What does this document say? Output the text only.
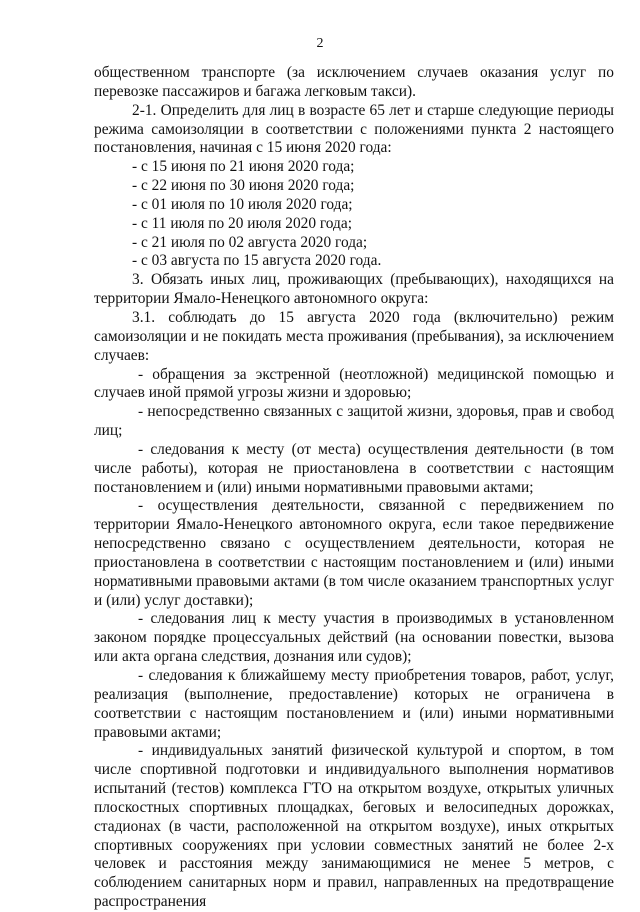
2

общественном транспорте (за исключением случаев оказания услуг по перевозке пассажиров и багажа легковым такси).

2-1. Определить для лиц в возрасте 65 лет и старше следующие периоды режима самоизоляции в соответствии с положениями пункта 2 настоящего постановления, начиная с 15 июня 2020 года:

- с 15 июня по 21 июня 2020 года;

- с 22 июня по 30 июня 2020 года;

- с 01 июля по 10 июля 2020 года;

- с 11 июля по 20 июля 2020 года;

- с 21 июля по 02 августа 2020 года;

- с 03 августа по 15 августа 2020 года.

3. Обязать иных лиц, проживающих (пребывающих), находящихся на территории Ямало-Ненецкого автономного округа:

3.1. соблюдать до 15 августа 2020 года (включительно) режим самоизоляции и не покидать места проживания (пребывания), за исключением случаев:

- обращения за экстренной (неотложной) медицинской помощью и случаев иной прямой угрозы жизни и здоровью;

- непосредственно связанных с защитой жизни, здоровья, прав и свобод лиц;

- следования к месту (от места) осуществления деятельности (в том числе работы), которая не приостановлена в соответствии с настоящим постановлением и (или) иными нормативными правовыми актами;

- осуществления деятельности, связанной с передвижением по территории Ямало-Ненецкого автономного округа, если такое передвижение непосредственно связано с осуществлением деятельности, которая не приостановлена в соответствии с настоящим постановлением и (или) иными нормативными правовыми актами (в том числе оказанием транспортных услуг и (или) услуг доставки);

- следования лиц к месту участия в производимых в установленном законом порядке процессуальных действий (на основании повестки, вызова или акта органа следствия, дознания или судов);

- следования к ближайшему месту приобретения товаров, работ, услуг, реализация (выполнение, предоставление) которых не ограничена в соответствии с настоящим постановлением и (или) иными нормативными правовыми актами;

- индивидуальных занятий физической культурой и спортом, в том числе спортивной подготовки и индивидуального выполнения нормативов испытаний (тестов) комплекса ГТО на открытом воздухе, открытых уличных плоскостных спортивных площадках, беговых и велосипедных дорожках, стадионах (в части, расположенной на открытом воздухе), иных открытых спортивных сооружениях при условии совместных занятий не более 2-х человек и расстояния между занимающимися не менее 5 метров, с соблюдением санитарных норм и правил, направленных на предотвращение распространения
